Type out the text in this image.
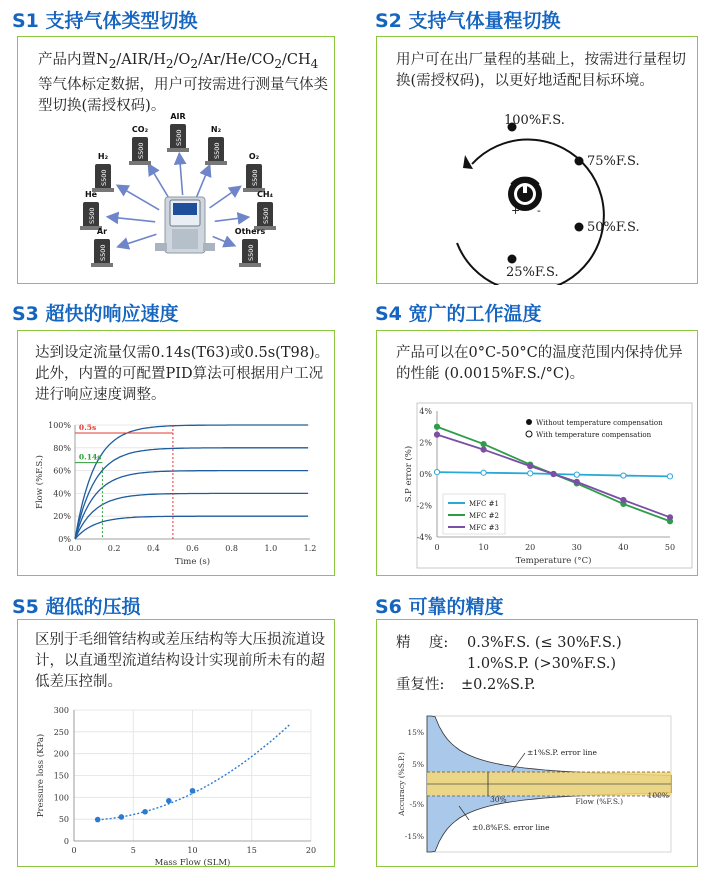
S1 支持气体类型切换
产品内置$N_2/AIR/H_2/O_2/Ar/He/CO_2/CH_4$等气体标定数据，用户可按需进行测量气体类型切换(需授权码)。
S500
H₂	S500
CO₂	S500
AIR
S500
N₂
S500
O₂
S500
He
S500
CH₄
S500
Ar
S500
Others
S2 支持气体量程切换
用户可在出厂量程的基础上，按需进行量程切换(需授权码)，以更好地适配目标环境。
100%F.S.
75%F.S.
50%F.S.
25%F.S.
+ -
S3 超快的响应速度
达到设定流量仅需0.14s(T63)或0.5s(T98)。此外，内置的可配置PID算法可根据用户工况进行响应速度调整。
0%
20%
40%
60%
80%
100%
0.0	0.2	0.4	0.6	0.8	1.0	1.2
Time (s)
Flow (%F.S.)
0.5s
0.14s
S4 宽广的工作温度
产品可以在0°C-50°C的温度范围内保持优异的性能 (0.0015%F.S./°C)。
-4%
-2%
0%
2%
4%
0	10	20	30	40	50
Temperature (°C)
S.P error (%)
Without temperature compensation
With temperature compensation
MFC #1
MFC #2
MFC #3
S5 超低的压损
区别于毛细管结构或差压结构等大压损流道设计，以直通型流道结构设计实现前所未有的超低差压控制。
0
50
100
150
200
250
300
0	5	10	15	20
Mass Flow (SLM)
Pressure loss (KPa)
S6 可靠的精度
精    度: 0.3%F.S. (≤ 30%F.S.)
1.0%S.P. (>30%F.S.)
重复性: ±0.2%S.P.
15%
5%
-5%
-15%
30%	100%
Flow (%F.S.)
Accuracy (%S.P.)	±1%S.P. error line
±0.8%F.S. error line
